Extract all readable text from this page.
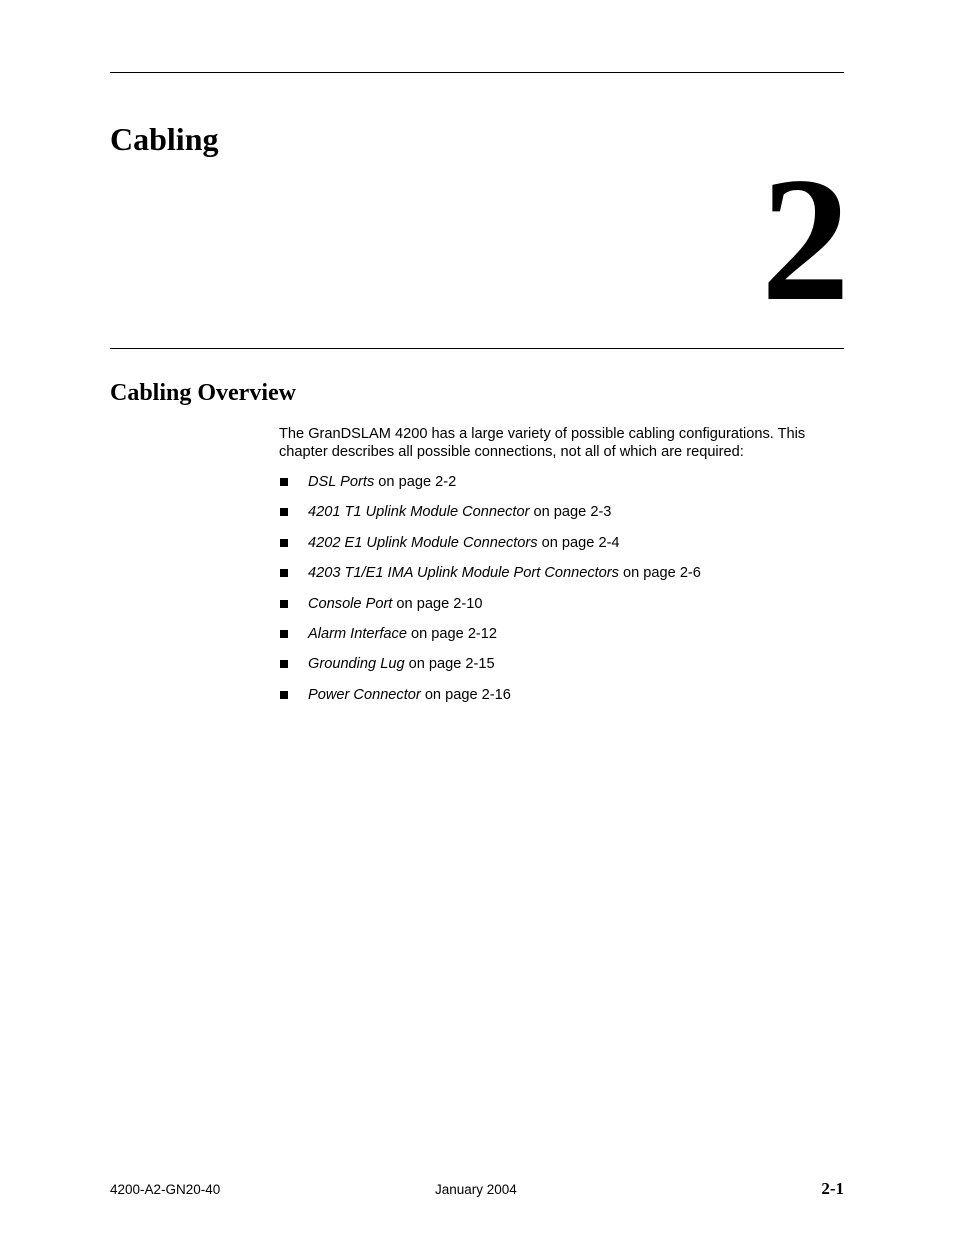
Cabling
2
Cabling Overview

The GranDSLAM 4200 has a large variety of possible cabling configurations. This chapter describes all possible connections, not all of which are required:

DSL Ports on page 2-2
4201 T1 Uplink Module Connector on page 2-3
4202 E1 Uplink Module Connectors on page 2-4
4203 T1/E1 IMA Uplink Module Port Connectors on page 2-6
Console Port on page 2-10
Alarm Interface on page 2-12
Grounding Lug on page 2-15
Power Connector on page 2-16
4200-A2-GN20-40	January 2004	2-1
